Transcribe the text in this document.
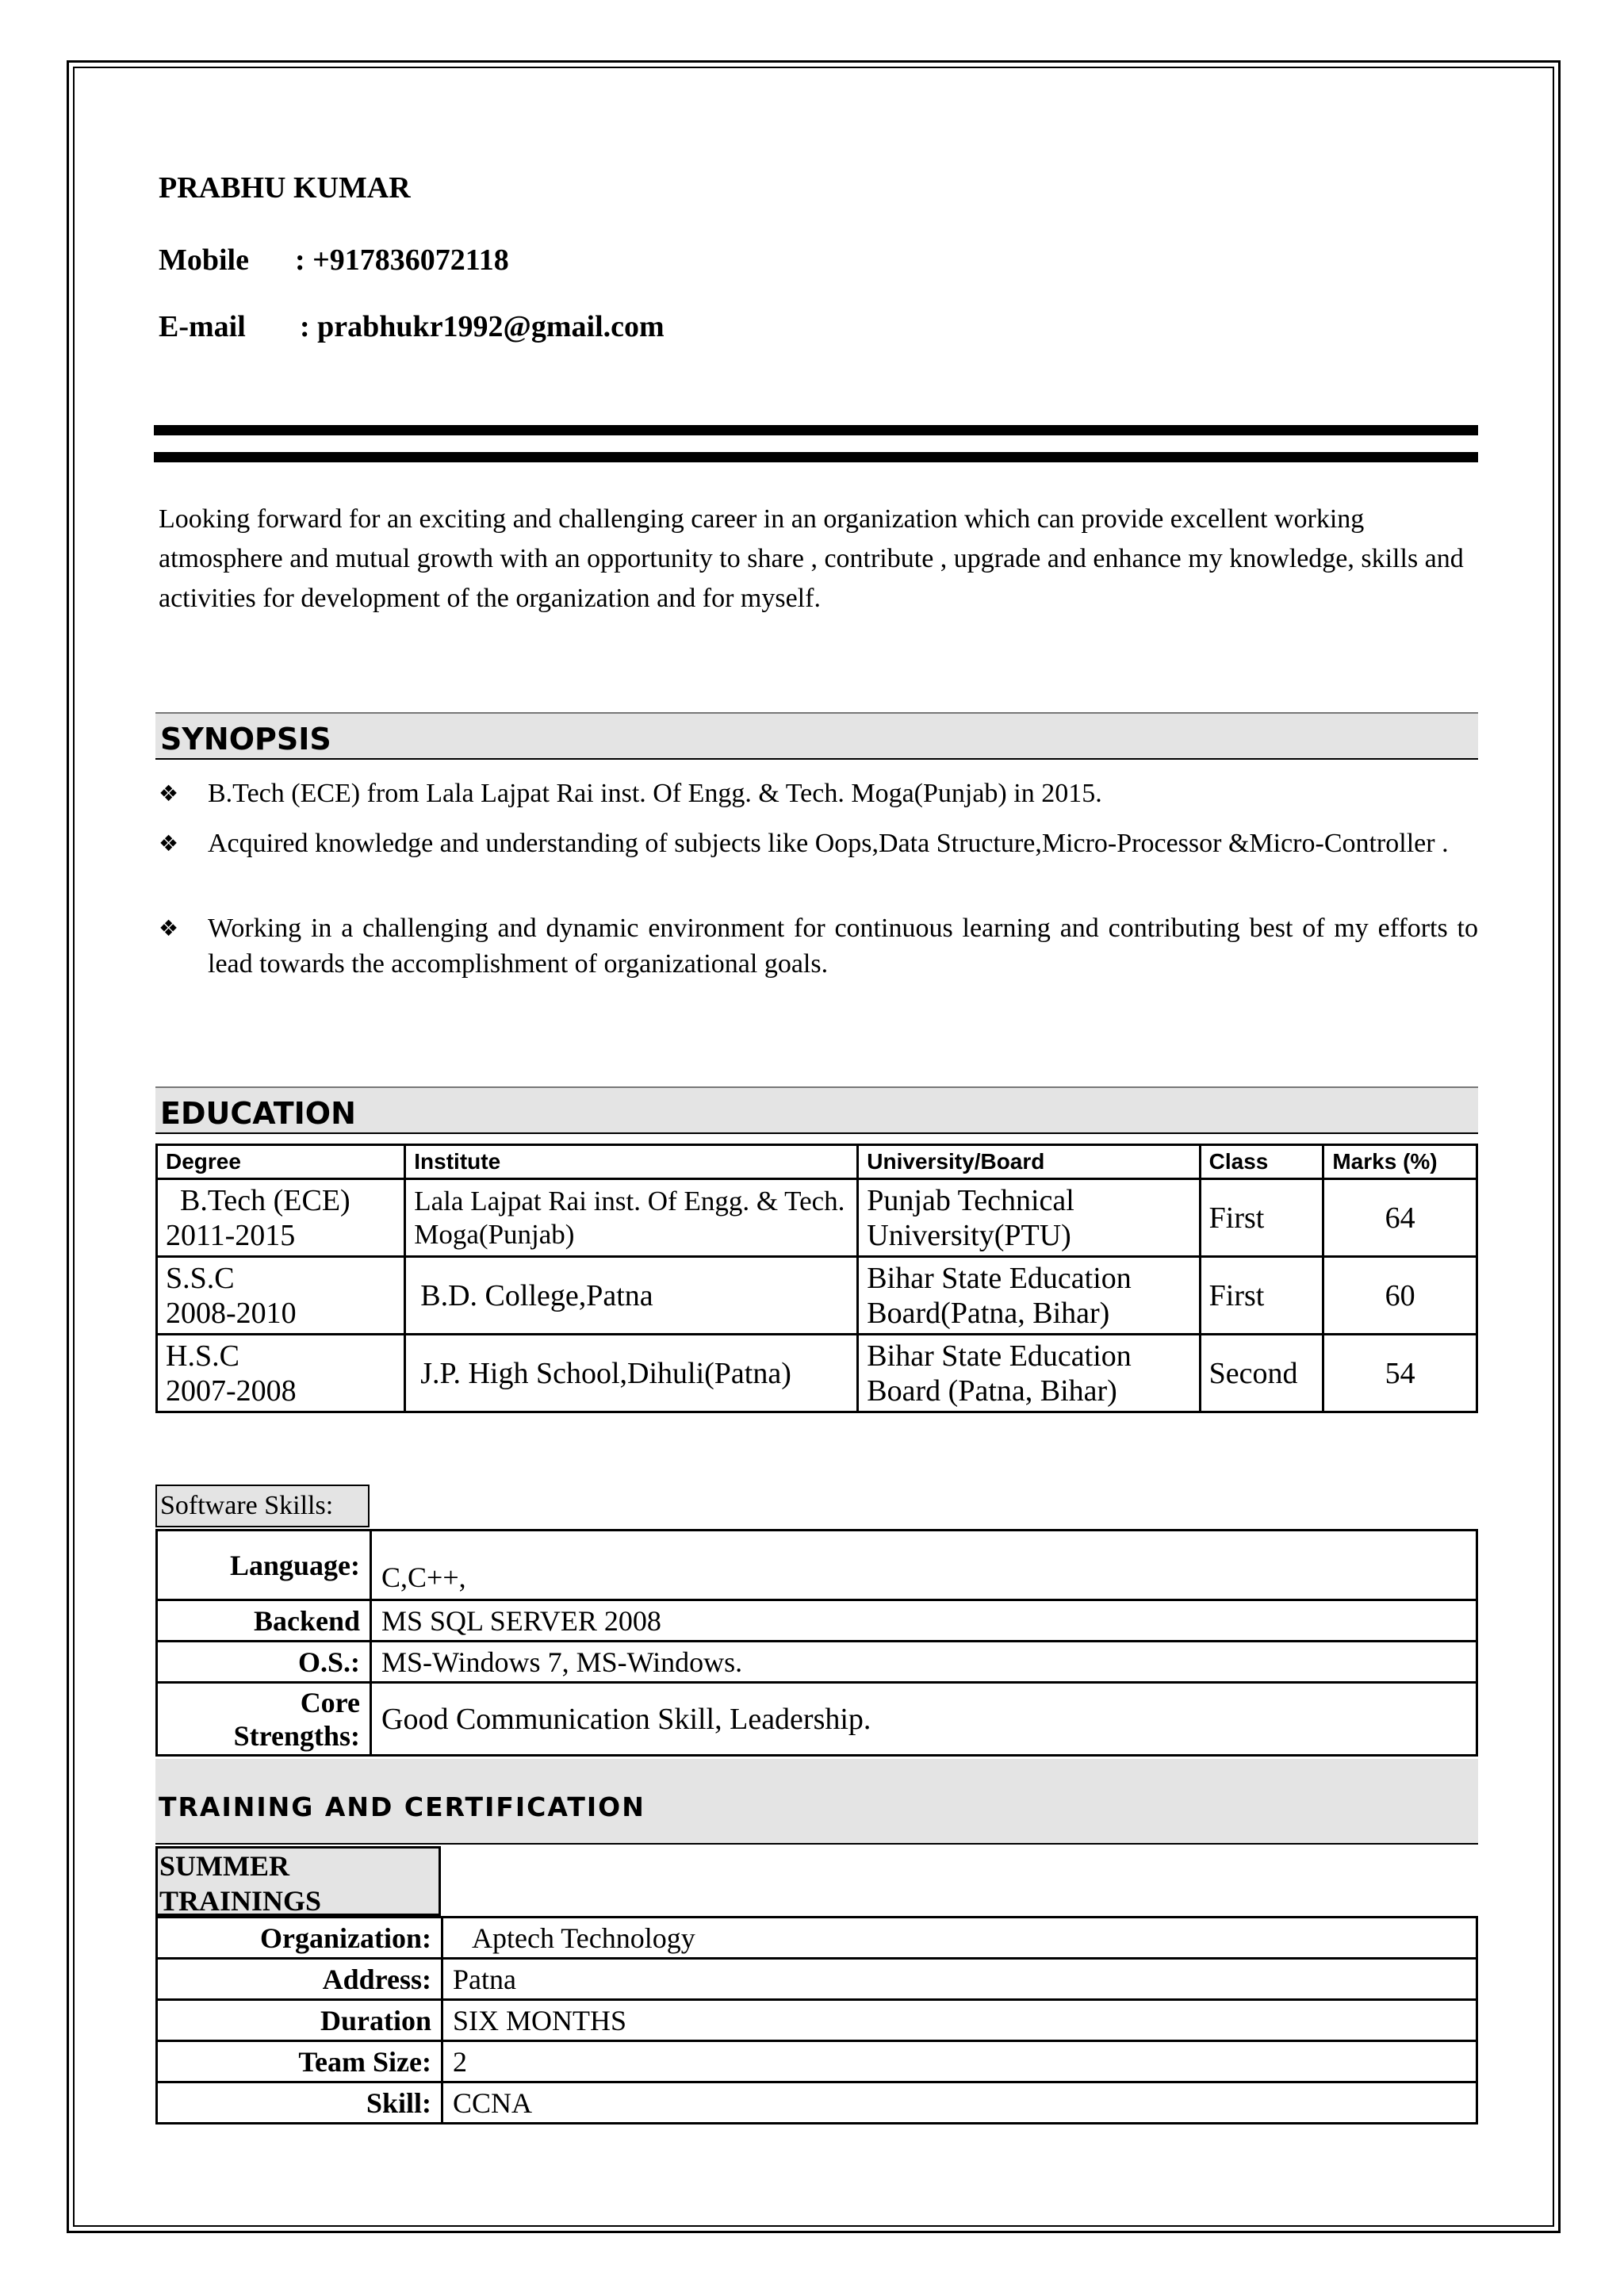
PRABHU KUMAR
Mobile : +917836072118
E-mail : prabhukr1992@gmail.com
Looking forward for an exciting and challenging career in an organization which can provide excellent working atmosphere and mutual growth with an opportunity to share , contribute , upgrade and enhance my knowledge, skills and activities for development of the organization and for myself.
SYNOPSIS
❖ B.Tech (ECE) from Lala Lajpat Rai inst. Of Engg. & Tech. Moga(Punjab) in 2015.
❖ Acquired knowledge and understanding of subjects like Oops,Data Structure,Micro-Processor &Micro-Controller .
❖ Working in a challenging and dynamic environment for continuous learning and contributing best of my efforts to lead towards the accomplishment of organizational goals.
EDUCATION
Degree	Institute	University/Board	Class	Marks (%)

B.Tech (ECE)
2011-2015	Lala Lajpat Rai inst. Of Engg. & Tech. Moga(Punjab)	Punjab Technical University(PTU)	First	64

S.S.C
2008-2010	B.D. College,Patna	Bihar State Education Board(Patna, Bihar)	First	60

H.S.C
2007-2008	J.P. High School,Dihuli(Patna)	Bihar State Education Board (Patna, Bihar)	Second	54
Software Skills:
Language:	C,C++,
Backend	MS SQL SERVER 2008
O.S.:	MS-Windows 7, MS-Windows.
Core Strengths:	Good Communication Skill, Leadership.
TRAINING AND CERTIFICATION
SUMMER TRAININGS
Organization:	Aptech Technology
Address:	Patna
Duration	SIX MONTHS
Team Size:	2
Skill:	CCNA
